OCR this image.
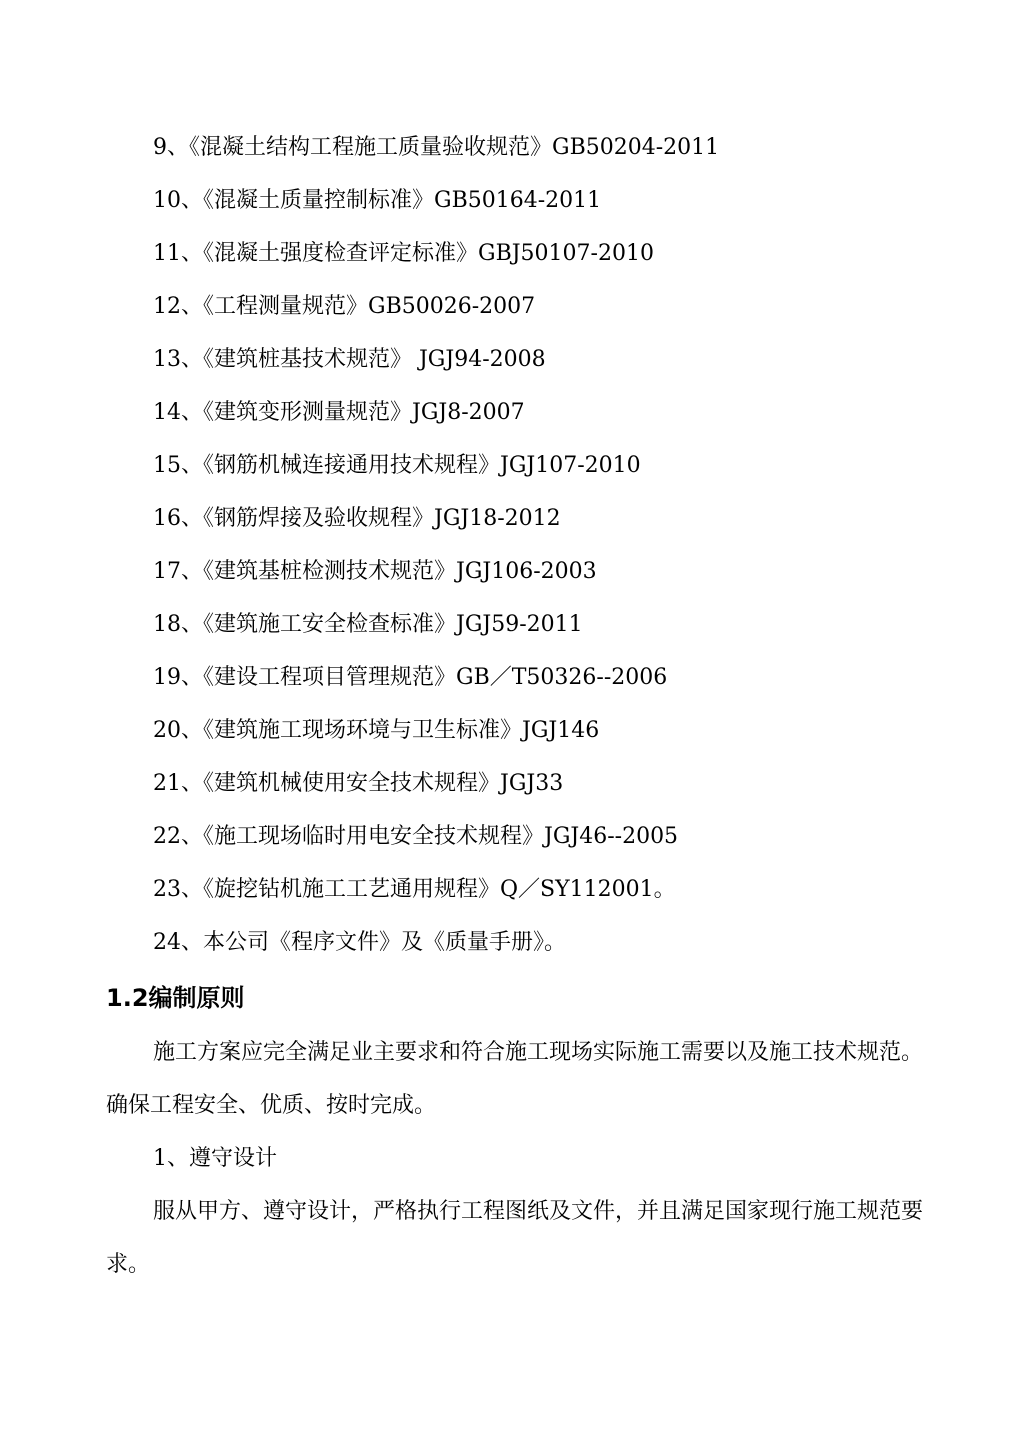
9、《混凝土结构工程施工质量验收规范》GB50204-2011
10、《混凝土质量控制标准》GB50164-2011
11、《混凝土强度检查评定标准》GBJ50107-2010
12、《工程测量规范》GB50026-2007
13、《建筑桩基技术规范》 JGJ94-2008
14、《建筑变形测量规范》JGJ8-2007
15、《钢筋机械连接通用技术规程》JGJ107-2010
16、《钢筋焊接及验收规程》JGJ18-2012
17、《建筑基桩检测技术规范》JGJ106-2003
18、《建筑施工安全检查标准》JGJ59-2011
19、《建设工程项目管理规范》GB／T50326--2006
20、《建筑施工现场环境与卫生标准》JGJ146
21、《建筑机械使用安全技术规程》JGJ33
22、《施工现场临时用电安全技术规程》JGJ46--2005
23、《旋挖钻机施工工艺通用规程》Q／SY112001。
24、本公司《程序文件》及《质量手册》。
1.2编制原则
施工方案应完全满足业主要求和符合施工现场实际施工需要以及施工技术规范。确保工程安全、优质、按时完成。
1、遵守设计
服从甲方、遵守设计，严格执行工程图纸及文件，并且满足国家现行施工规范要求。
